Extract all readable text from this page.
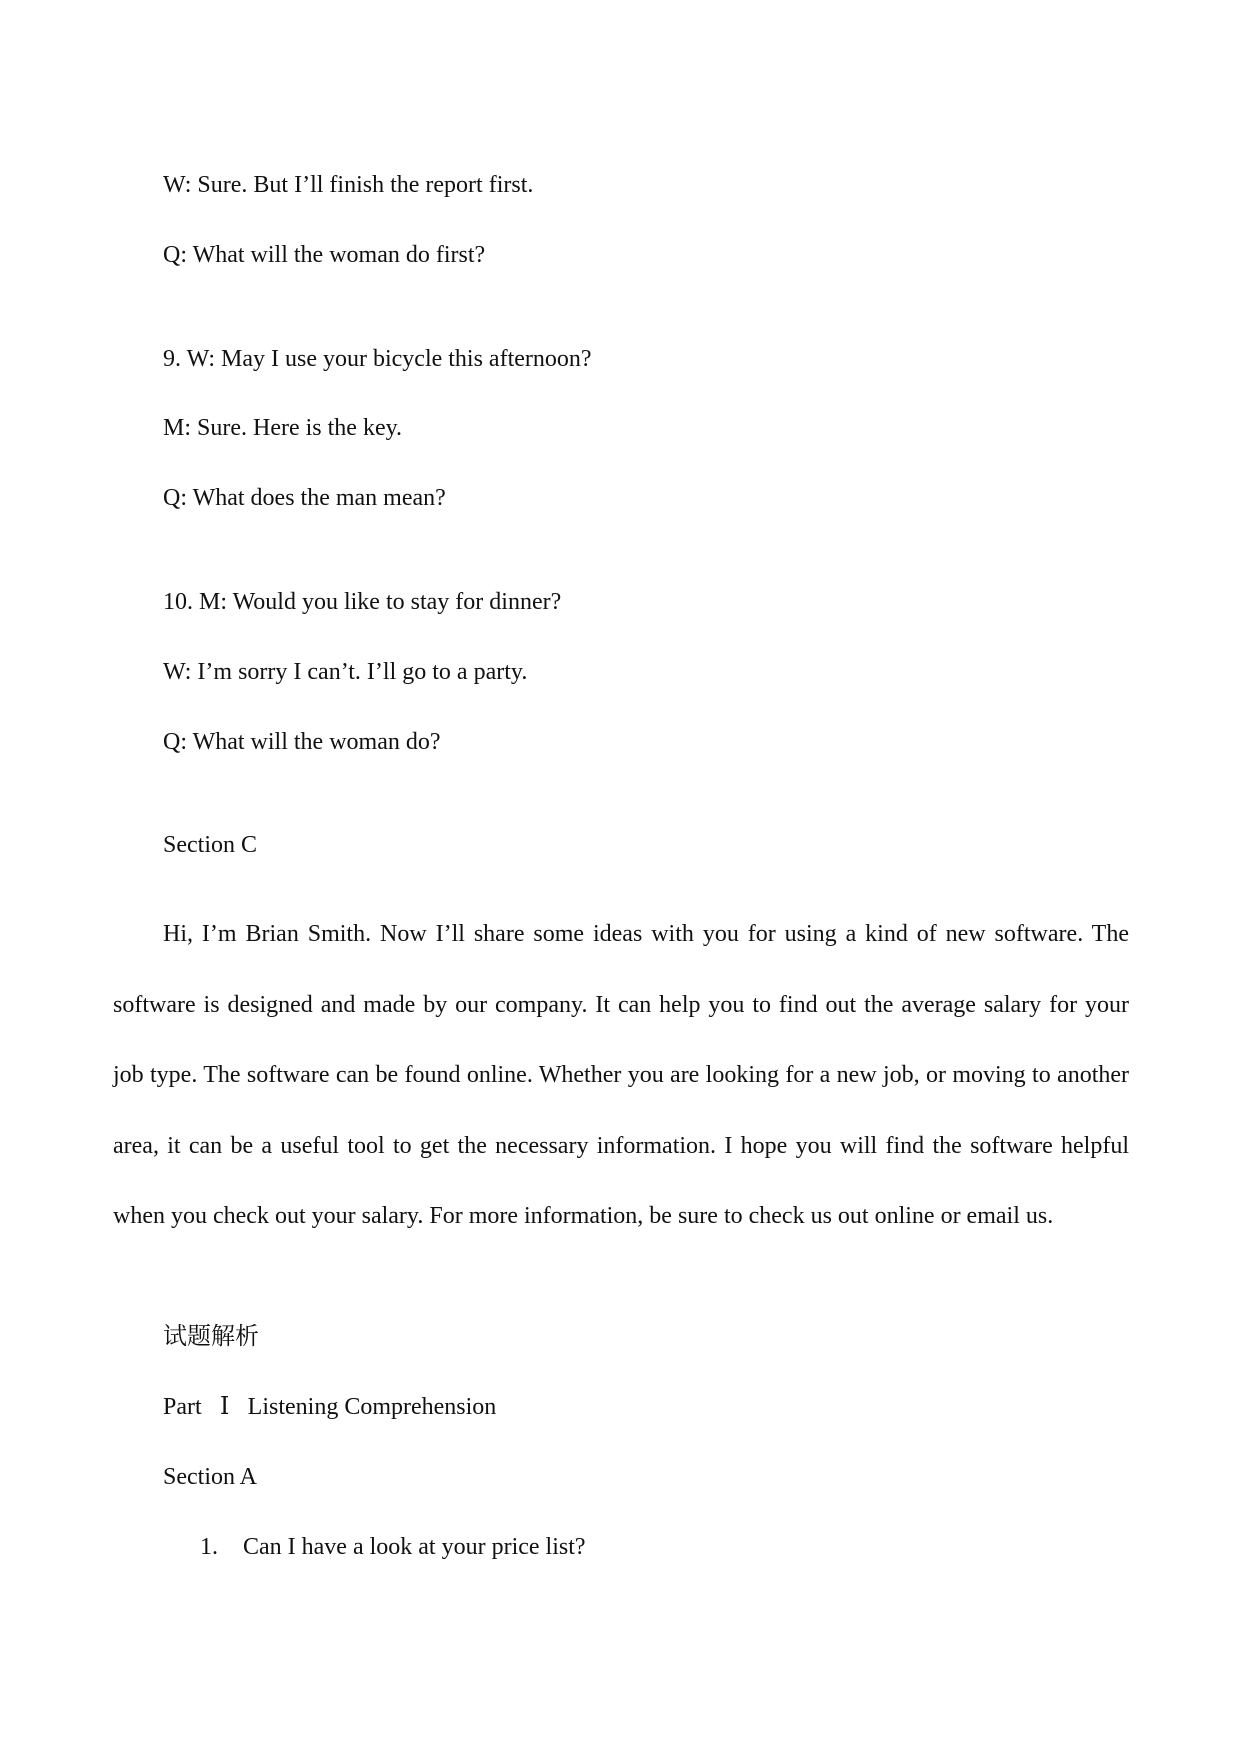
W: Sure. But I’ll finish the report first.
Q: What will the woman do first?
9. W: May I use your bicycle this afternoon?
M: Sure. Here is the key.
Q: What does the man mean?
10. M: Would you like to stay for dinner?
W: I’m sorry I can’t. I’ll go to a party.
Q: What will the woman do?
Section C
Hi, I’m Brian Smith. Now I’ll share some ideas with you for using a kind of new software. The software is designed and made by our company. It can help you to find out the average salary for your job type. The software can be found online. Whether you are looking for a new job, or moving to another area, it can be a useful tool to get the necessary information. I hope you will find the software helpful when you check out your salary. For more information, be sure to check us out online or email us.
试题解析
Part Ⅰ Listening Comprehension
Section A
1. Can I have a look at your price list?
